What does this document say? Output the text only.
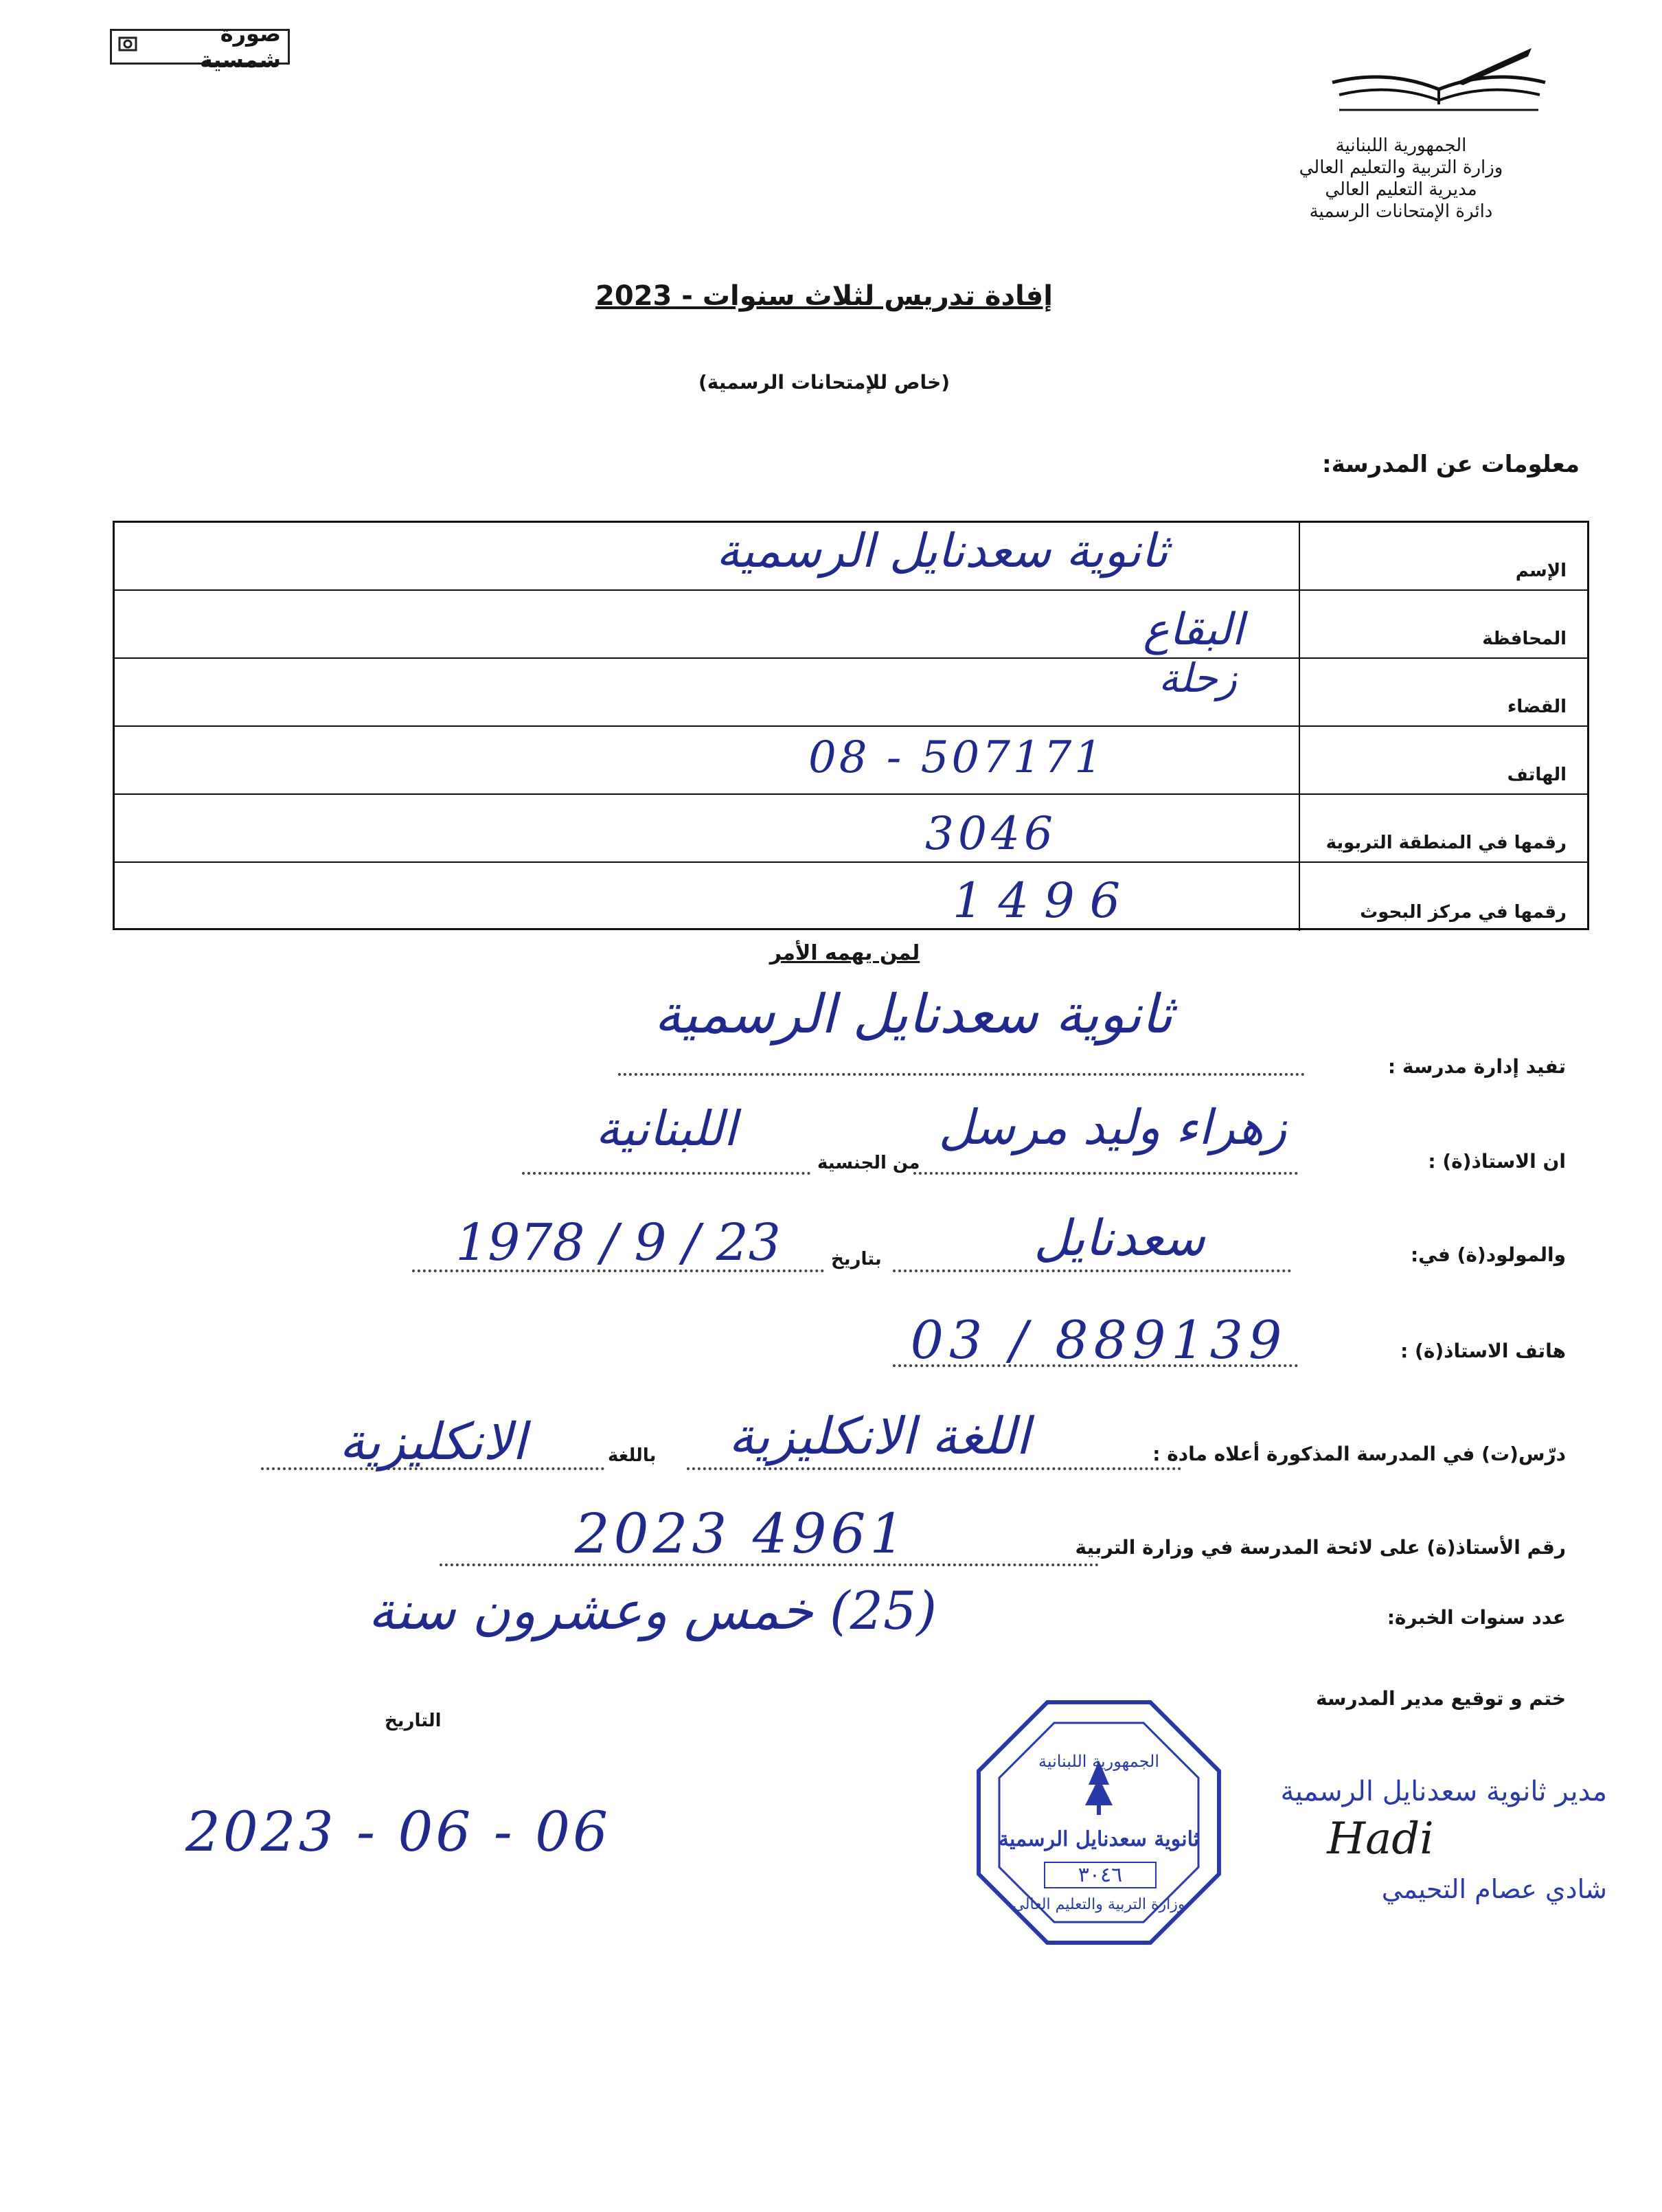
صورة شمسية
الجمهورية اللبنانية
وزارة التربية والتعليم العالي
مديرية التعليم العالي
دائرة الإمتحانات الرسمية
إفادة تدريس لثلاث سنوات - 2023
(خاص للإمتحانات الرسمية)
معلومات عن المدرسة:
الإسم
ثانوية سعدنايل الرسمية
المحافظة
البقاع
القضاء
زحلة
الهاتف
08 - 507171
رقمها في المنطقة التربوية
3046
رقمها في مركز البحوث
1496
لمن يهمه الأمر
تفيد إدارة مدرسة :
ثانوية سعدنايل الرسمية
ان الاستاذ(ة) :
زهراء وليد مرسل
من الجنسية
اللبنانية
والمولود(ة) في:
سعدنايل
بتاريخ
23 / 9 / 1978
هاتف الاستاذ(ة) :
03 / 889139
درّس(ت) في المدرسة المذكورة أعلاه مادة :
اللغة الانكليزية
باللغة
الانكليزية
رقم الأستاذ(ة) على لائحة المدرسة في وزارة التربية
2023 4961
عدد سنوات الخبرة:
(25) خمس وعشرون سنة
ختم و توقيع مدير المدرسة
التاريخ
2023 - 06 - 06
الجمهورية اللبنانية
ثانوية سعدنايل الرسمية
٣٠٤٦
وزارة التربية والتعليم العالي
مدير ثانوية سعدنايل الرسمية
Hadi
شادي عصام التحيمي
